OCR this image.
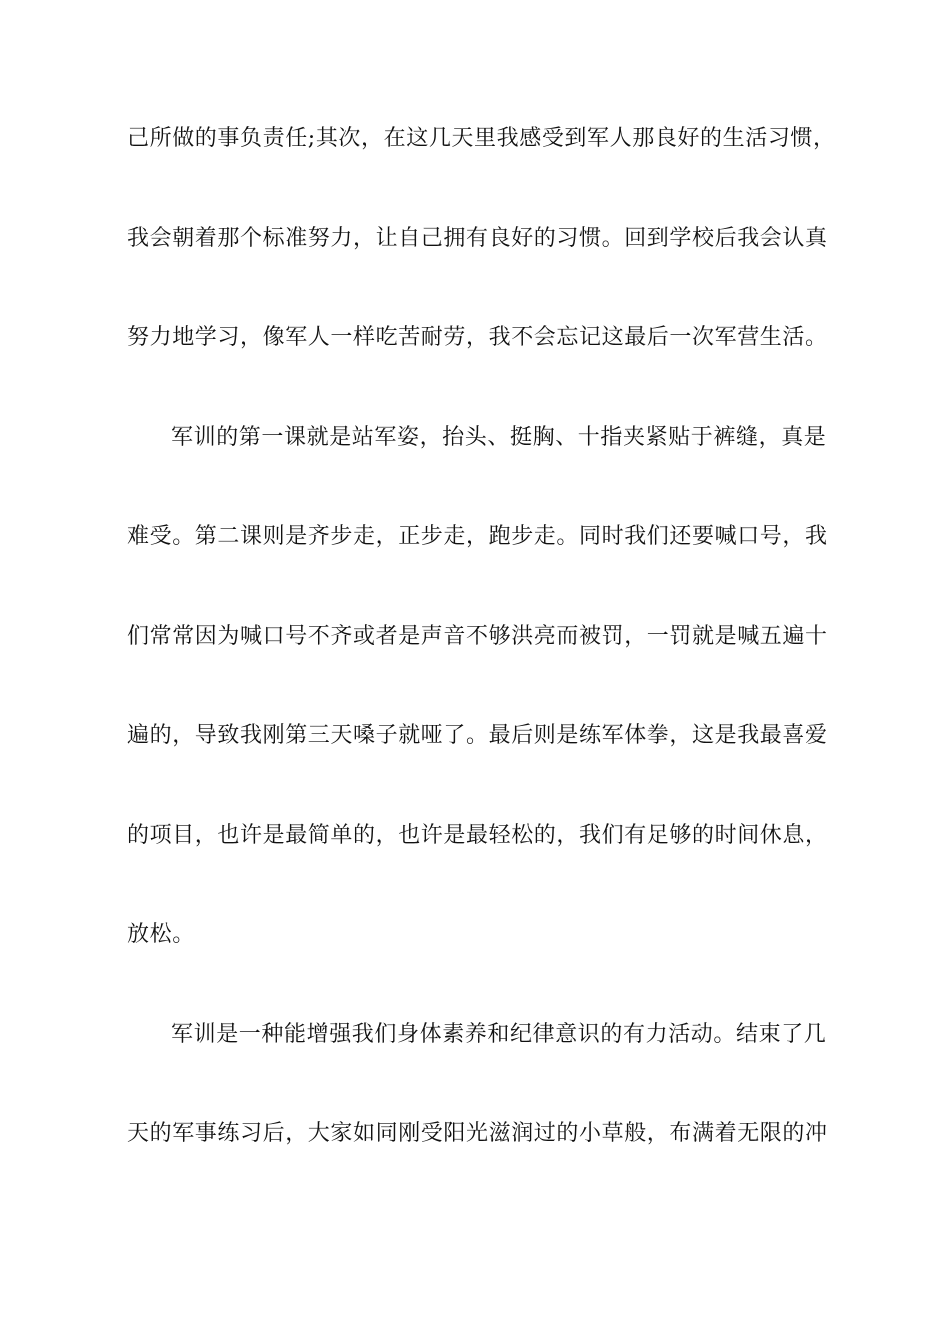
己所做的事负责任;其次，在这几天里我感受到军人那良好的生活习惯，
我会朝着那个标准努力，让自己拥有良好的习惯。回到学校后我会认真
努力地学习，像军人一样吃苦耐劳，我不会忘记这最后一次军营生活。
军训的第一课就是站军姿，抬头、挺胸、十指夹紧贴于裤缝，真是
难受。第二课则是齐步走，正步走，跑步走。同时我们还要喊口号，我
们常常因为喊口号不齐或者是声音不够洪亮而被罚，一罚就是喊五遍十
遍的，导致我刚第三天嗓子就哑了。最后则是练军体拳，这是我最喜爱
的项目，也许是最简单的，也许是最轻松的，我们有足够的时间休息，
放松。
军训是一种能增强我们身体素养和纪律意识的有力活动。结束了几
天的军事练习后，大家如同刚受阳光滋润过的小草般，布满着无限的冲
